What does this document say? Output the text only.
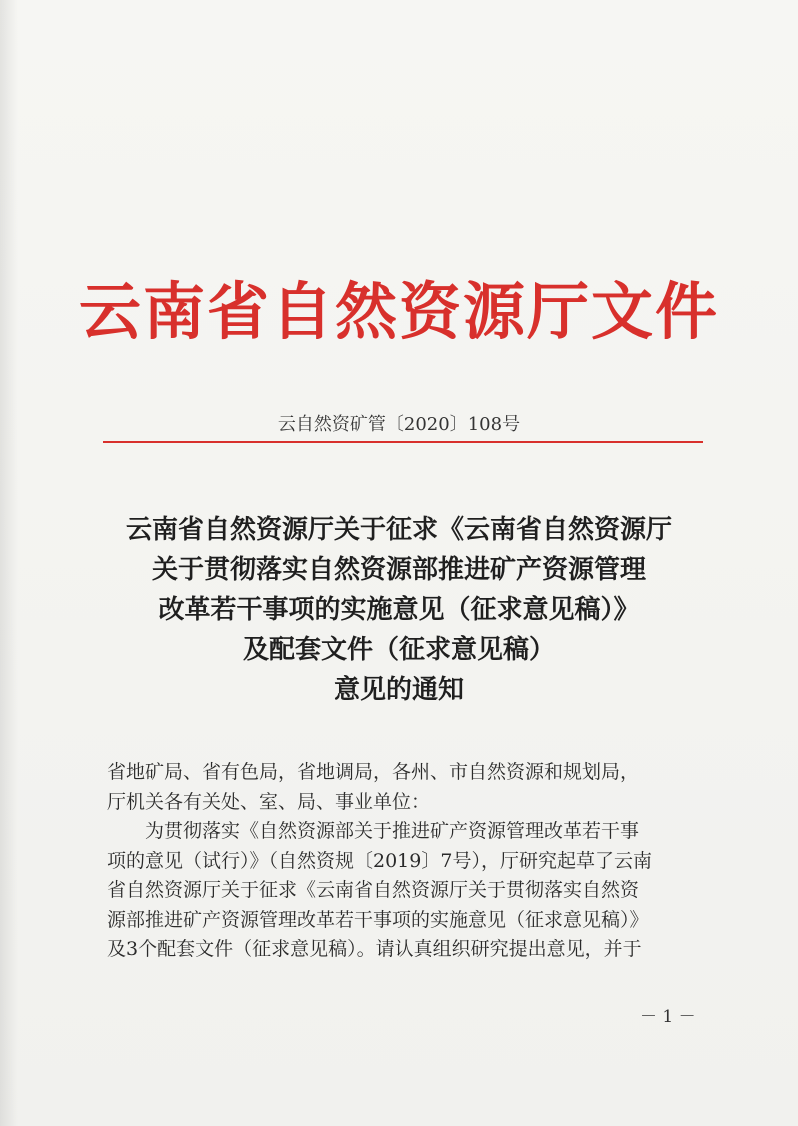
云南省自然资源厅文件
云自然资矿管〔2020〕108号
云南省自然资源厅关于征求《云南省自然资源厅
关于贯彻落实自然资源部推进矿产资源管理
改革若干事项的实施意见（征求意见稿）》
及配套文件（征求意见稿）
意见的通知

省地矿局、省有色局，省地调局，各州、市自然资源和规划局，

厅机关各有关处、室、局、事业单位：

为贯彻落实《自然资源部关于推进矿产资源管理改革若干事

项的意见（试行）》（自然资规〔2019〕7号），厅研究起草了云南

省自然资源厅关于征求《云南省自然资源厅关于贯彻落实自然资

源部推进矿产资源管理改革若干事项的实施意见（征求意见稿）》

及3个配套文件（征求意见稿）。请认真组织研究提出意见，并于

－ 1 －
